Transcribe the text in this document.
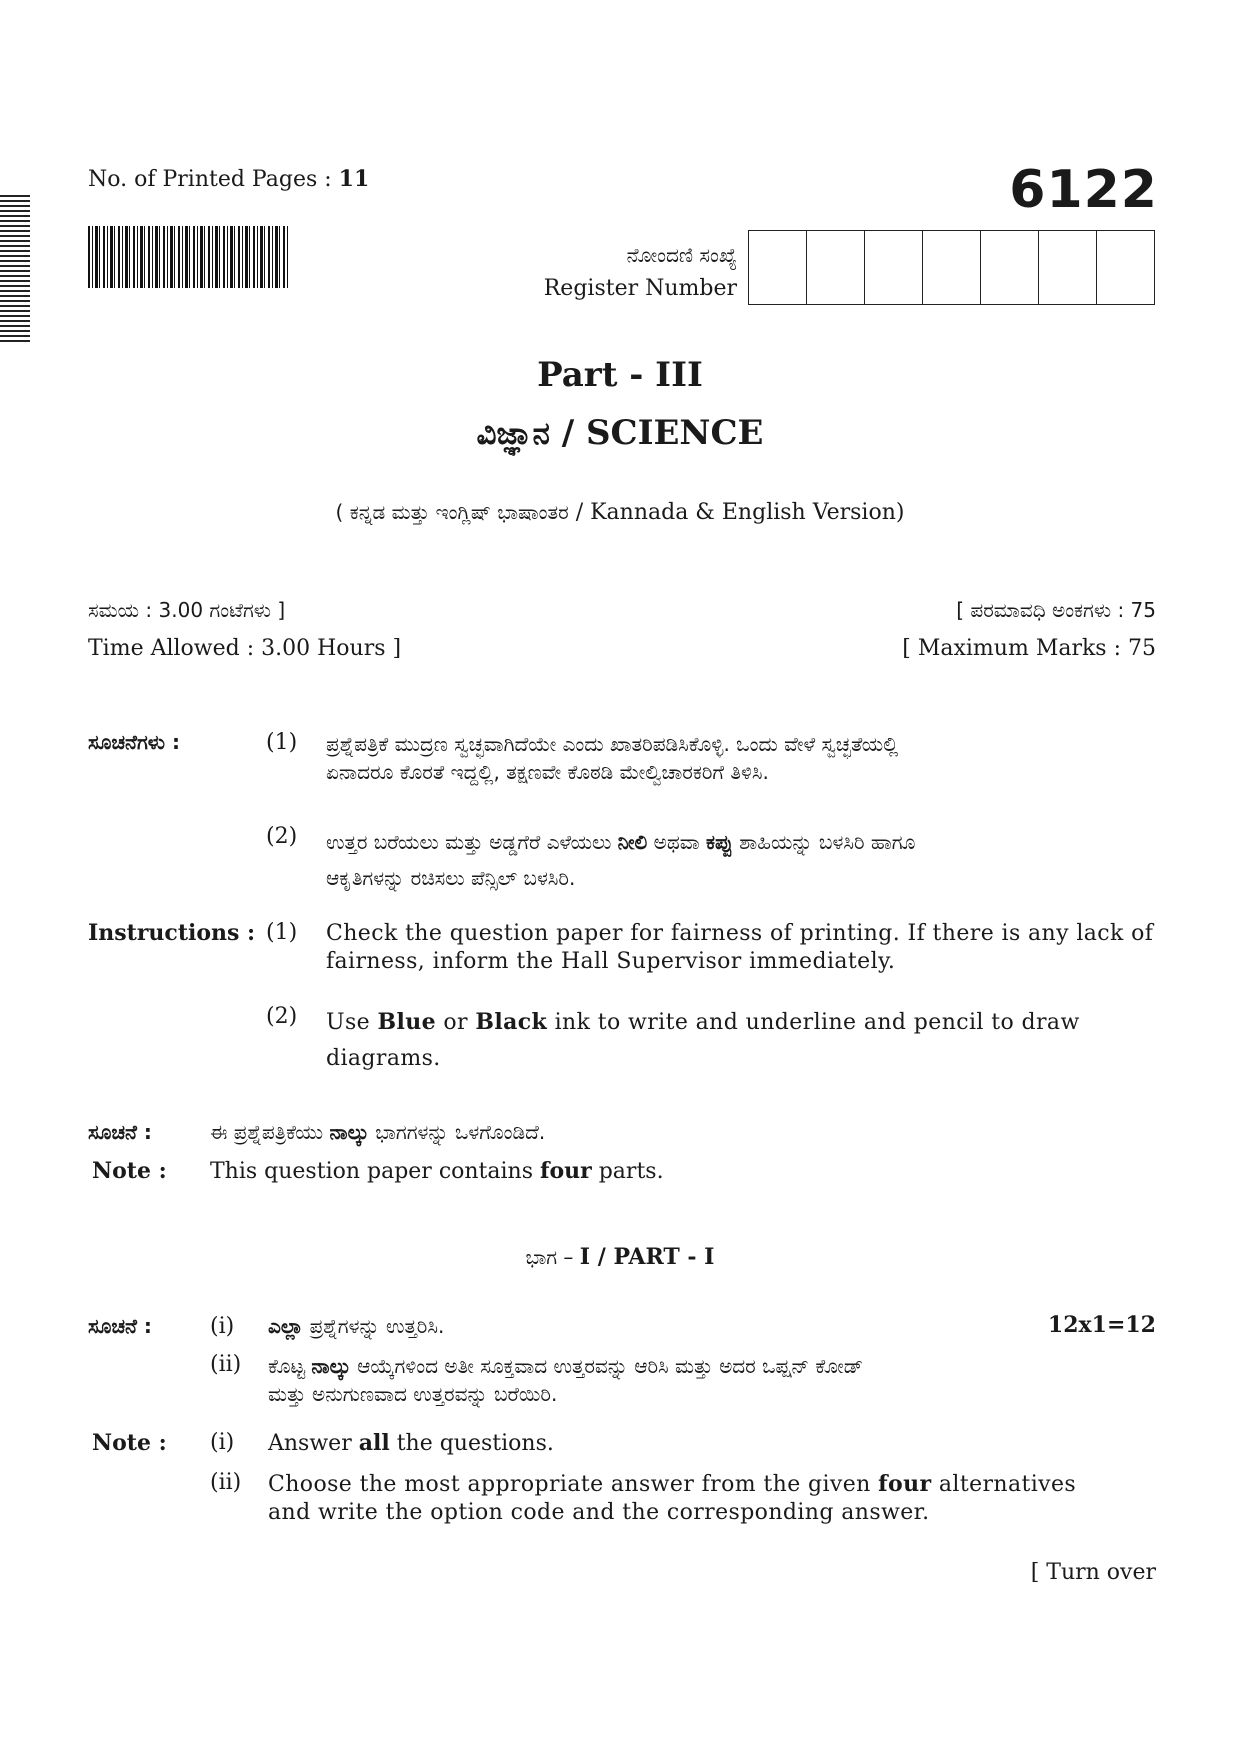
No. of Printed Pages : 11	6122
ನೋಂದಣಿ ಸಂಖ್ಯೆ
Register Number
Part - III
ವಿಜ್ಞಾನ / SCIENCE
( ಕನ್ನಡ ಮತ್ತು ಇಂಗ್ಲಿಷ್ ಭಾಷಾಂತರ / Kannada & English Version)
ಸಮಯ : 3.00 ಗಂಟೆಗಳು ]	[ ಪರಮಾವಧಿ ಅಂಕಗಳು : 75
Time Allowed : 3.00 Hours ]	[ Maximum Marks : 75
ಸೂಚನೆಗಳು :	(1) ಪ್ರಶ್ನೆಪತ್ರಿಕೆ ಮುದ್ರಣ ಸ್ವಚ್ಛವಾಗಿದೆಯೇ ಎಂದು ಖಾತರಿಪಡಿಸಿಕೊಳ್ಳಿ. ಒಂದು ವೇಳೆ ಸ್ವಚ್ಛತೆಯಲ್ಲಿ
ಏನಾದರೂ ಕೊರತೆ ಇದ್ದಲ್ಲಿ, ತಕ್ಷಣವೇ ಕೊಠಡಿ ಮೇಲ್ವಿಚಾರಕರಿಗೆ ತಿಳಿಸಿ.
(2) ಉತ್ತರ ಬರೆಯಲು ಮತ್ತು ಅಡ್ಡಗೆರೆ ಎಳೆಯಲು ನೀಲಿ ಅಥವಾ ಕಪ್ಪು ಶಾಹಿಯನ್ನು ಬಳಸಿರಿ ಹಾಗೂ
ಆಕೃತಿಗಳನ್ನು ರಚಿಸಲು ಪೆನ್ಸಿಲ್ ಬಳಸಿರಿ.
Instructions : (1) Check the question paper for fairness of printing. If there is any lack of
fairness, inform the Hall Supervisor immediately.
(2) Use Blue or Black ink to write and underline and pencil to draw
diagrams.
ಸೂಚನೆ :	ಈ ಪ್ರಶ್ನೆಪತ್ರಿಕೆಯು ನಾಲ್ಕು ಭಾಗಗಳನ್ನು ಒಳಗೊಂಡಿದೆ.
Note : This question paper contains four parts.
ಭಾಗ – I / PART - I
ಸೂಚನೆ :	(i) ಎಲ್ಲಾ ಪ್ರಶ್ನೆಗಳನ್ನು ಉತ್ತರಿಸಿ.	12x1=12
(ii) ಕೊಟ್ಟ ನಾಲ್ಕು ಆಯ್ಕೆಗಳಿಂದ ಅತೀ ಸೂಕ್ತವಾದ ಉತ್ತರವನ್ನು ಆರಿಸಿ ಮತ್ತು ಅದರ ಒಪ್ಷನ್ ಕೋಡ್
ಮತ್ತು ಅನುಗುಣವಾದ ಉತ್ತರವನ್ನು ಬರೆಯಿರಿ.
Note : (i) Answer all the questions.
(ii) Choose the most appropriate answer from the given four alternatives
and write the option code and the corresponding answer.
[ Turn over
